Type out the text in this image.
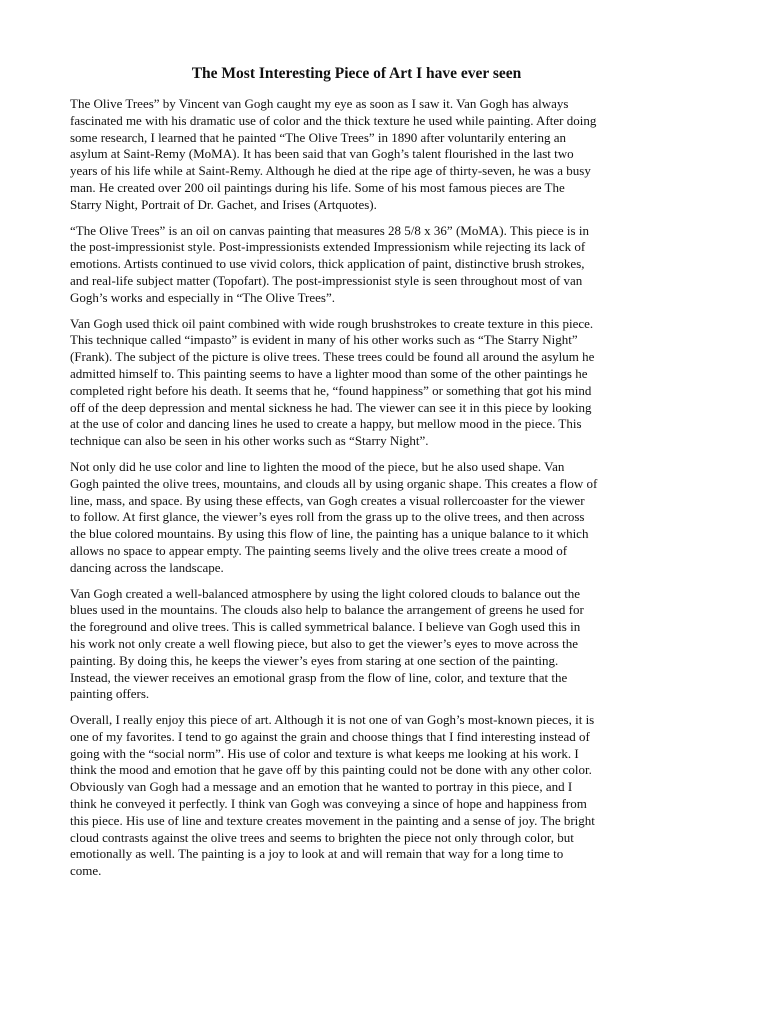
The Most Interesting Piece of Art I have ever seen

The Olive Trees” by Vincent van Gogh caught my eye as soon as I saw it. Van Gogh has always
fascinated me with his dramatic use of color and the thick texture he used while painting. After doing
some research, I learned that he painted “The Olive Trees” in 1890 after voluntarily entering an
asylum at Saint-Remy (MoMA). It has been said that van Gogh’s talent flourished in the last two
years of his life while at Saint-Remy. Although he died at the ripe age of thirty-seven, he was a busy
man. He created over 200 oil paintings during his life. Some of his most famous pieces are The
Starry Night, Portrait of Dr. Gachet, and Irises (Artquotes).

“The Olive Trees” is an oil on canvas painting that measures 28 5/8 x 36” (MoMA). This piece is in
the post-impressionist style. Post-impressionists extended Impressionism while rejecting its lack of
emotions. Artists continued to use vivid colors, thick application of paint, distinctive brush strokes,
and real-life subject matter (Topofart). The post-impressionist style is seen throughout most of van
Gogh’s works and especially in “The Olive Trees”.

Van Gogh used thick oil paint combined with wide rough brushstrokes to create texture in this piece.
This technique called “impasto” is evident in many of his other works such as “The Starry Night”
(Frank). The subject of the picture is olive trees. These trees could be found all around the asylum he
admitted himself to. This painting seems to have a lighter mood than some of the other paintings he
completed right before his death. It seems that he, “found happiness” or something that got his mind
off of the deep depression and mental sickness he had. The viewer can see it in this piece by looking
at the use of color and dancing lines he used to create a happy, but mellow mood in the piece. This
technique can also be seen in his other works such as “Starry Night”.

Not only did he use color and line to lighten the mood of the piece, but he also used shape. Van
Gogh painted the olive trees, mountains, and clouds all by using organic shape. This creates a flow of
line, mass, and space. By using these effects, van Gogh creates a visual rollercoaster for the viewer
to follow. At first glance, the viewer’s eyes roll from the grass up to the olive trees, and then across
the blue colored mountains. By using this flow of line, the painting has a unique balance to it which
allows no space to appear empty. The painting seems lively and the olive trees create a mood of
dancing across the landscape.

Van Gogh created a well-balanced atmosphere by using the light colored clouds to balance out the
blues used in the mountains. The clouds also help to balance the arrangement of greens he used for
the foreground and olive trees. This is called symmetrical balance. I believe van Gogh used this in
his work not only create a well flowing piece, but also to get the viewer’s eyes to move across the
painting. By doing this, he keeps the viewer’s eyes from staring at one section of the painting.
Instead, the viewer receives an emotional grasp from the flow of line, color, and texture that the
painting offers.

Overall, I really enjoy this piece of art. Although it is not one of van Gogh’s most-known pieces, it is
one of my favorites. I tend to go against the grain and choose things that I find interesting instead of
going with the “social norm”. His use of color and texture is what keeps me looking at his work. I
think the mood and emotion that he gave off by this painting could not be done with any other color.
Obviously van Gogh had a message and an emotion that he wanted to portray in this piece, and I
think he conveyed it perfectly. I think van Gogh was conveying a since of hope and happiness from
this piece. His use of line and texture creates movement in the painting and a sense of joy. The bright
cloud contrasts against the olive trees and seems to brighten the piece not only through color, but
emotionally as well. The painting is a joy to look at and will remain that way for a long time to
come.
